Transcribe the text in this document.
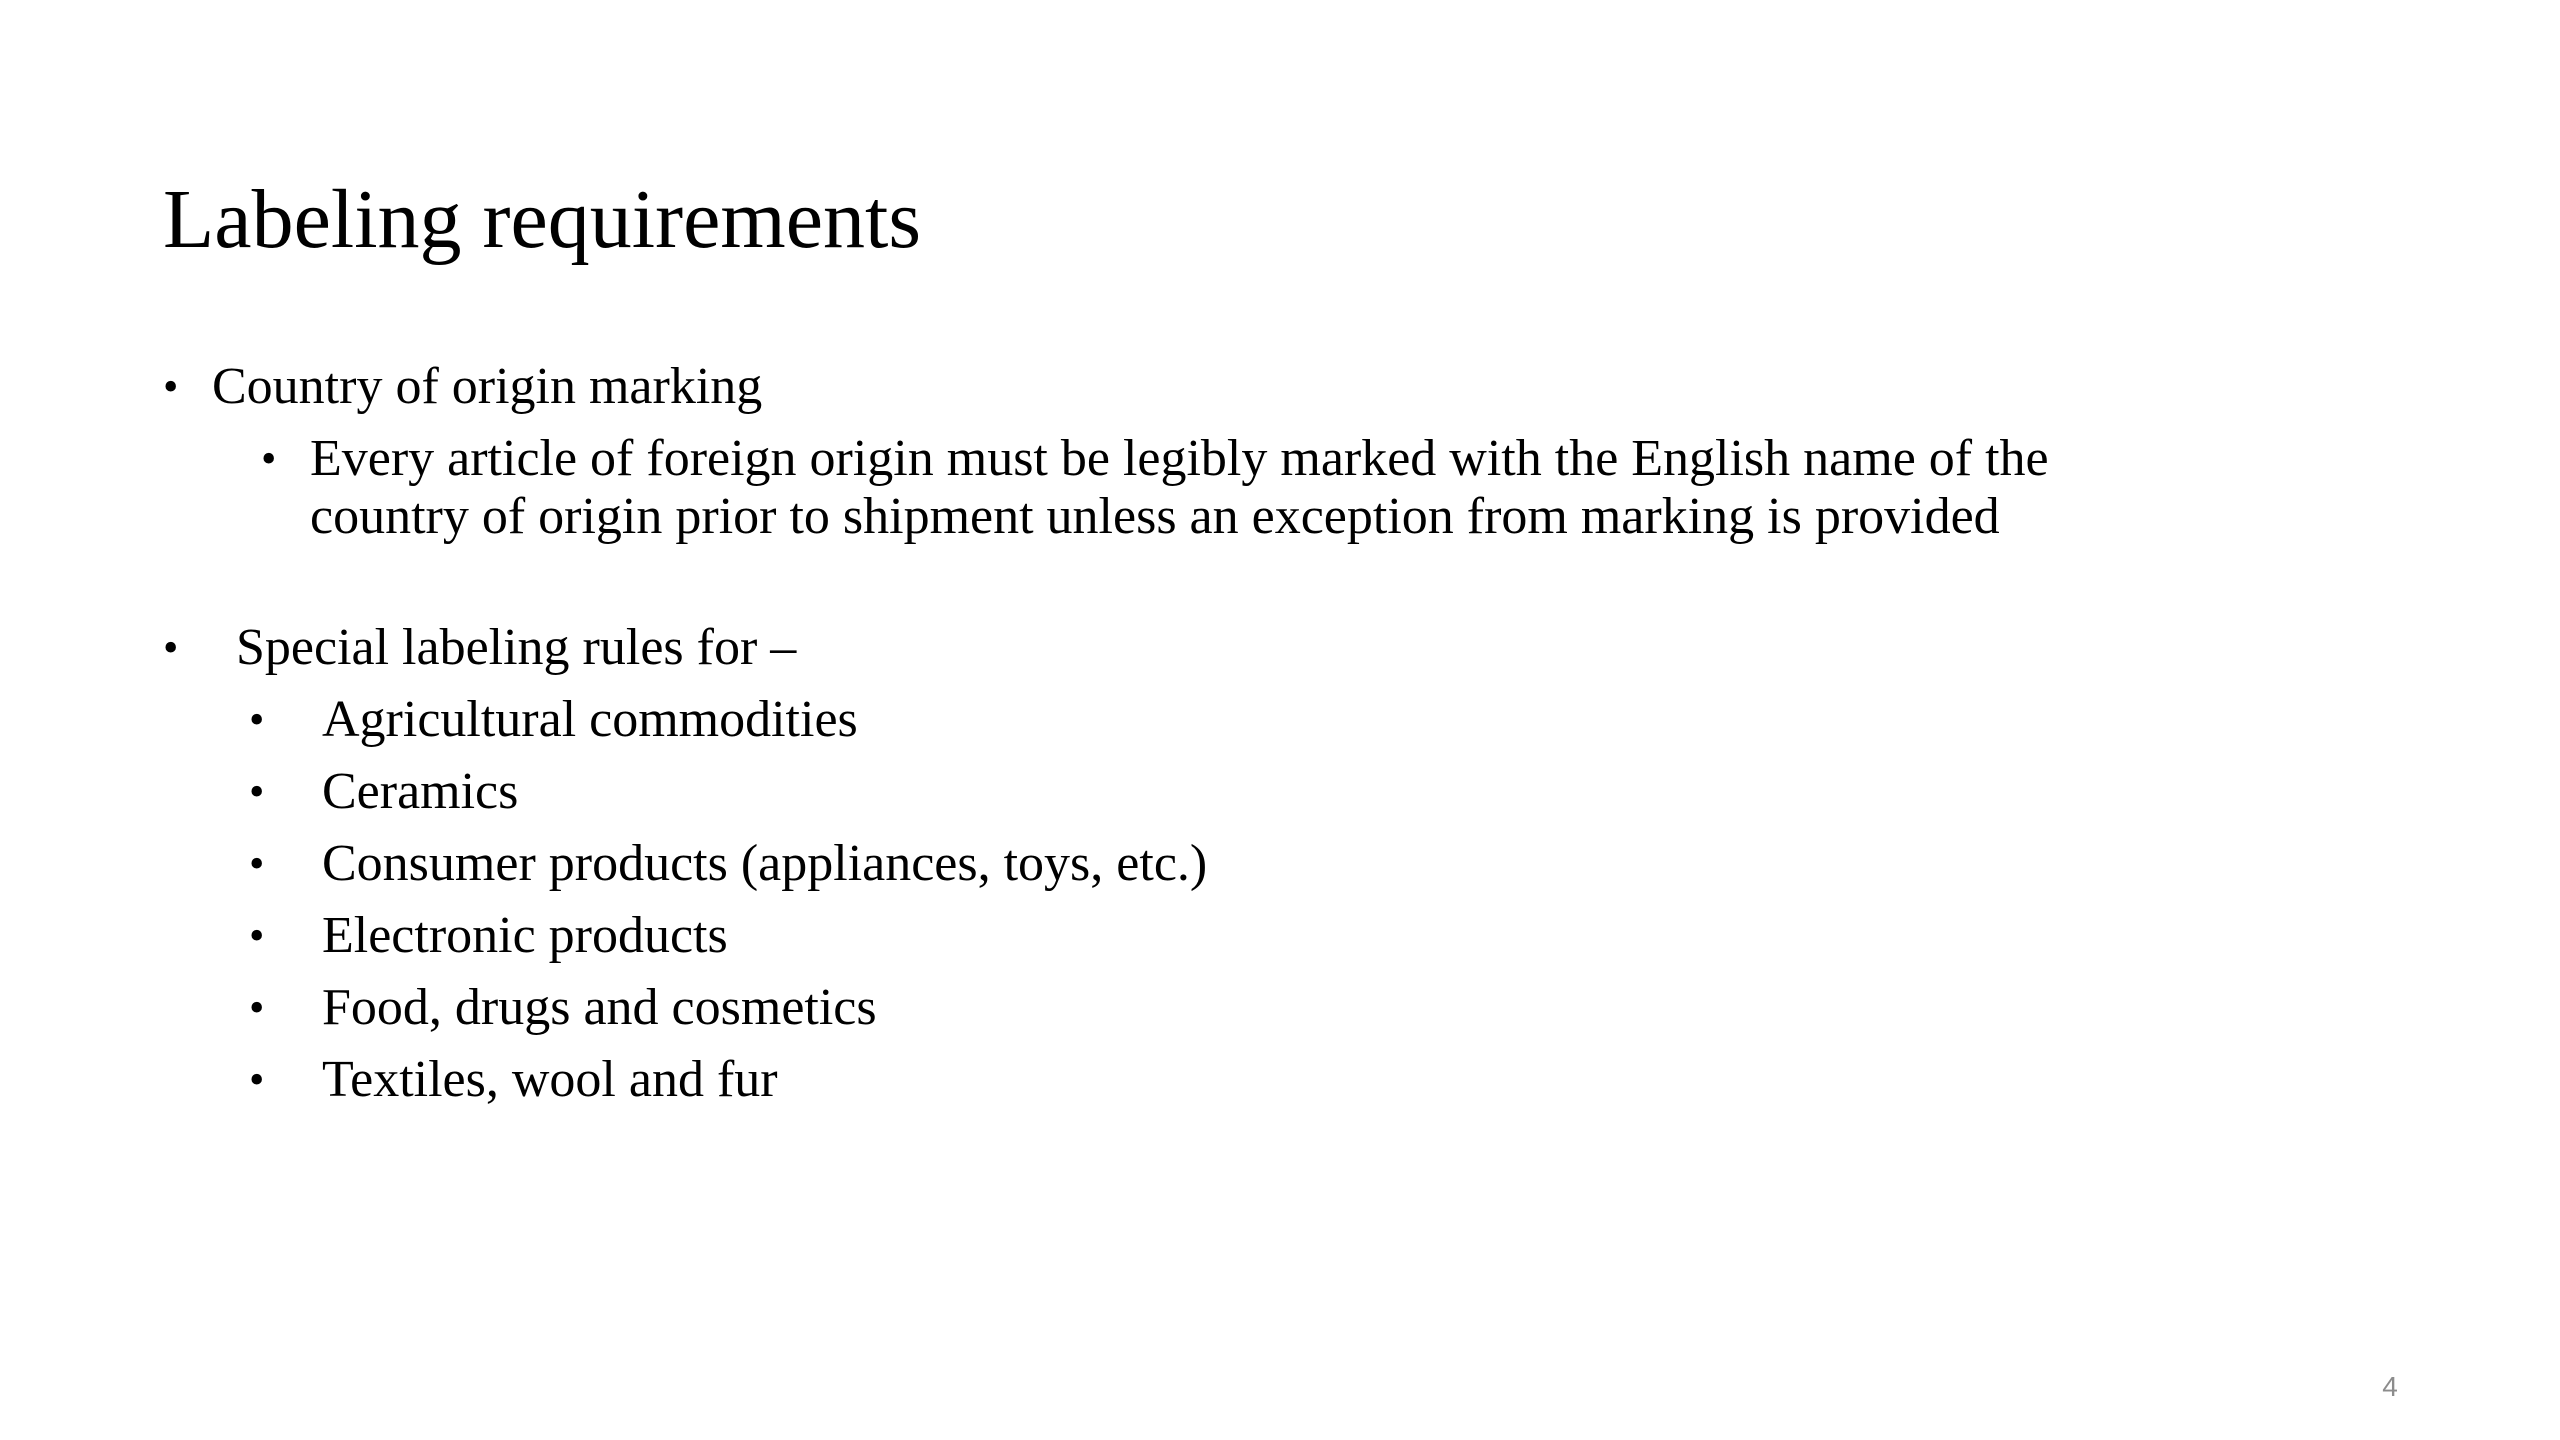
Labeling requirements
• Country of origin marking
• Every article of foreign origin must be legibly marked with the English name of the country of origin prior to shipment unless an exception from marking is provided
• Special labeling rules for –
• Agricultural commodities
• Ceramics
• Consumer products (appliances, toys, etc.)
• Electronic products
• Food, drugs and cosmetics
• Textiles, wool and fur
4
